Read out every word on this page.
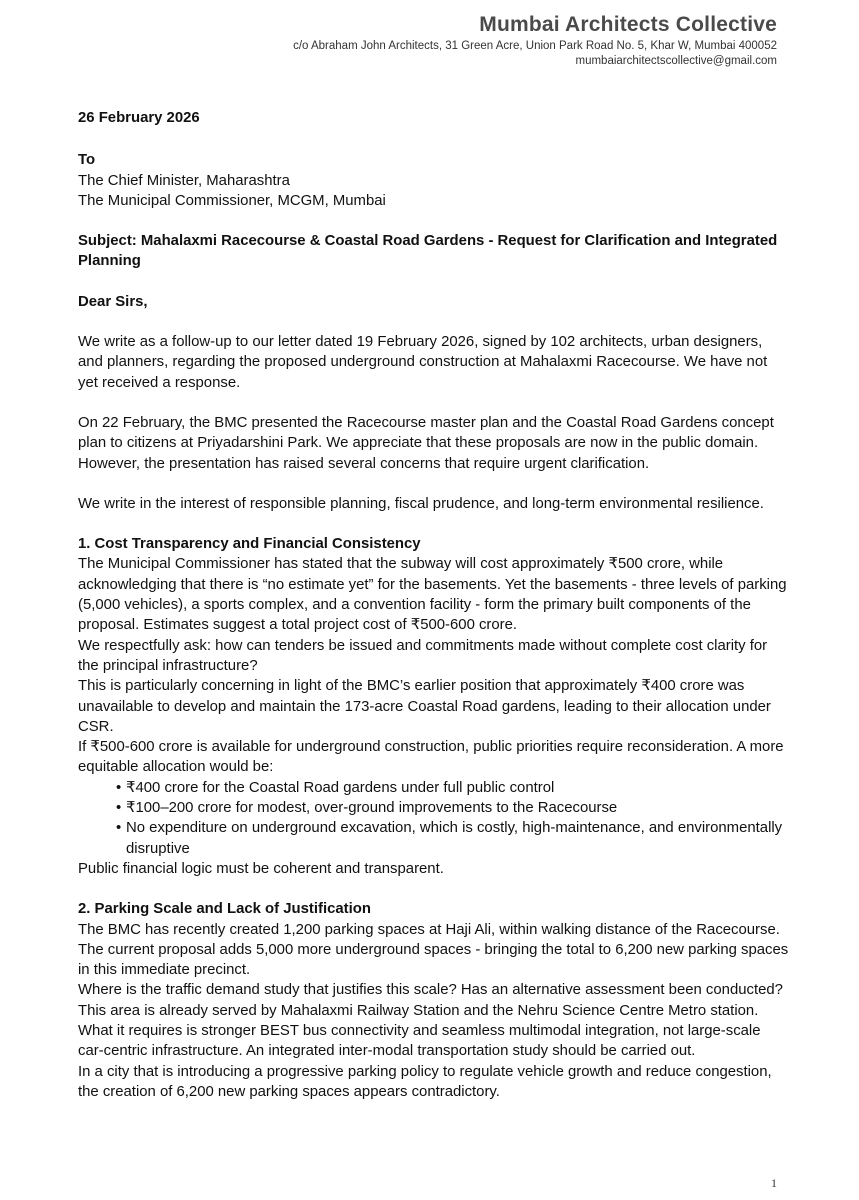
Mumbai Architects Collective
c/o Abraham John Architects, 31 Green Acre, Union Park Road No. 5, Khar W, Mumbai 400052
mumbaiarchitectscollective@gmail.com

26 February 2026

To

The Chief Minister, Maharashtra

The Municipal Commissioner, MCGM, Mumbai

Subject: Mahalaxmi Racecourse & Coastal Road Gardens - Request for Clarification and Integrated Planning

Dear Sirs,

We write as a follow-up to our letter dated 19 February 2026, signed by 102 architects, urban designers, and planners, regarding the proposed underground construction at Mahalaxmi Racecourse. We have not yet received a response.

On 22 February, the BMC presented the Racecourse master plan and the Coastal Road Gardens concept plan to citizens at Priyadarshini Park. We appreciate that these proposals are now in the public domain. However, the presentation has raised several concerns that require urgent clarification.

We write in the interest of responsible planning, fiscal prudence, and long-term environmental resilience.

1. Cost Transparency and Financial Consistency

The Municipal Commissioner has stated that the subway will cost approximately ₹500 crore, while acknowledging that there is “no estimate yet” for the basements. Yet the basements - three levels of parking (5,000 vehicles), a sports complex, and a convention facility - form the primary built components of the proposal. Estimates suggest a total project cost of ₹500-600 crore.

We respectfully ask: how can tenders be issued and commitments made without complete cost clarity for the principal infrastructure?

This is particularly concerning in light of the BMC’s earlier position that approximately ₹400 crore was unavailable to develop and maintain the 173-acre Coastal Road gardens, leading to their allocation under CSR.

If ₹500-600 crore is available for underground construction, public priorities require reconsideration. A more equitable allocation would be:

• ₹400 crore for the Coastal Road gardens under full public control
• ₹100–200 crore for modest, over-ground improvements to the Racecourse
• No expenditure on underground excavation, which is costly, high-maintenance, and environmentally disruptive

Public financial logic must be coherent and transparent.

2. Parking Scale and Lack of Justification

The BMC has recently created 1,200 parking spaces at Haji Ali, within walking distance of the Racecourse. The current proposal adds 5,000 more underground spaces - bringing the total to 6,200 new parking spaces in this immediate precinct.

Where is the traffic demand study that justifies this scale? Has an alternative assessment been conducted? This area is already served by Mahalaxmi Railway Station and the Nehru Science Centre Metro station. What it requires is stronger BEST bus connectivity and seamless multimodal integration, not large-scale car-centric infrastructure. An integrated inter-modal transportation study should be carried out.

In a city that is introducing a progressive parking policy to regulate vehicle growth and reduce congestion, the creation of 6,200 new parking spaces appears contradictory.

1
